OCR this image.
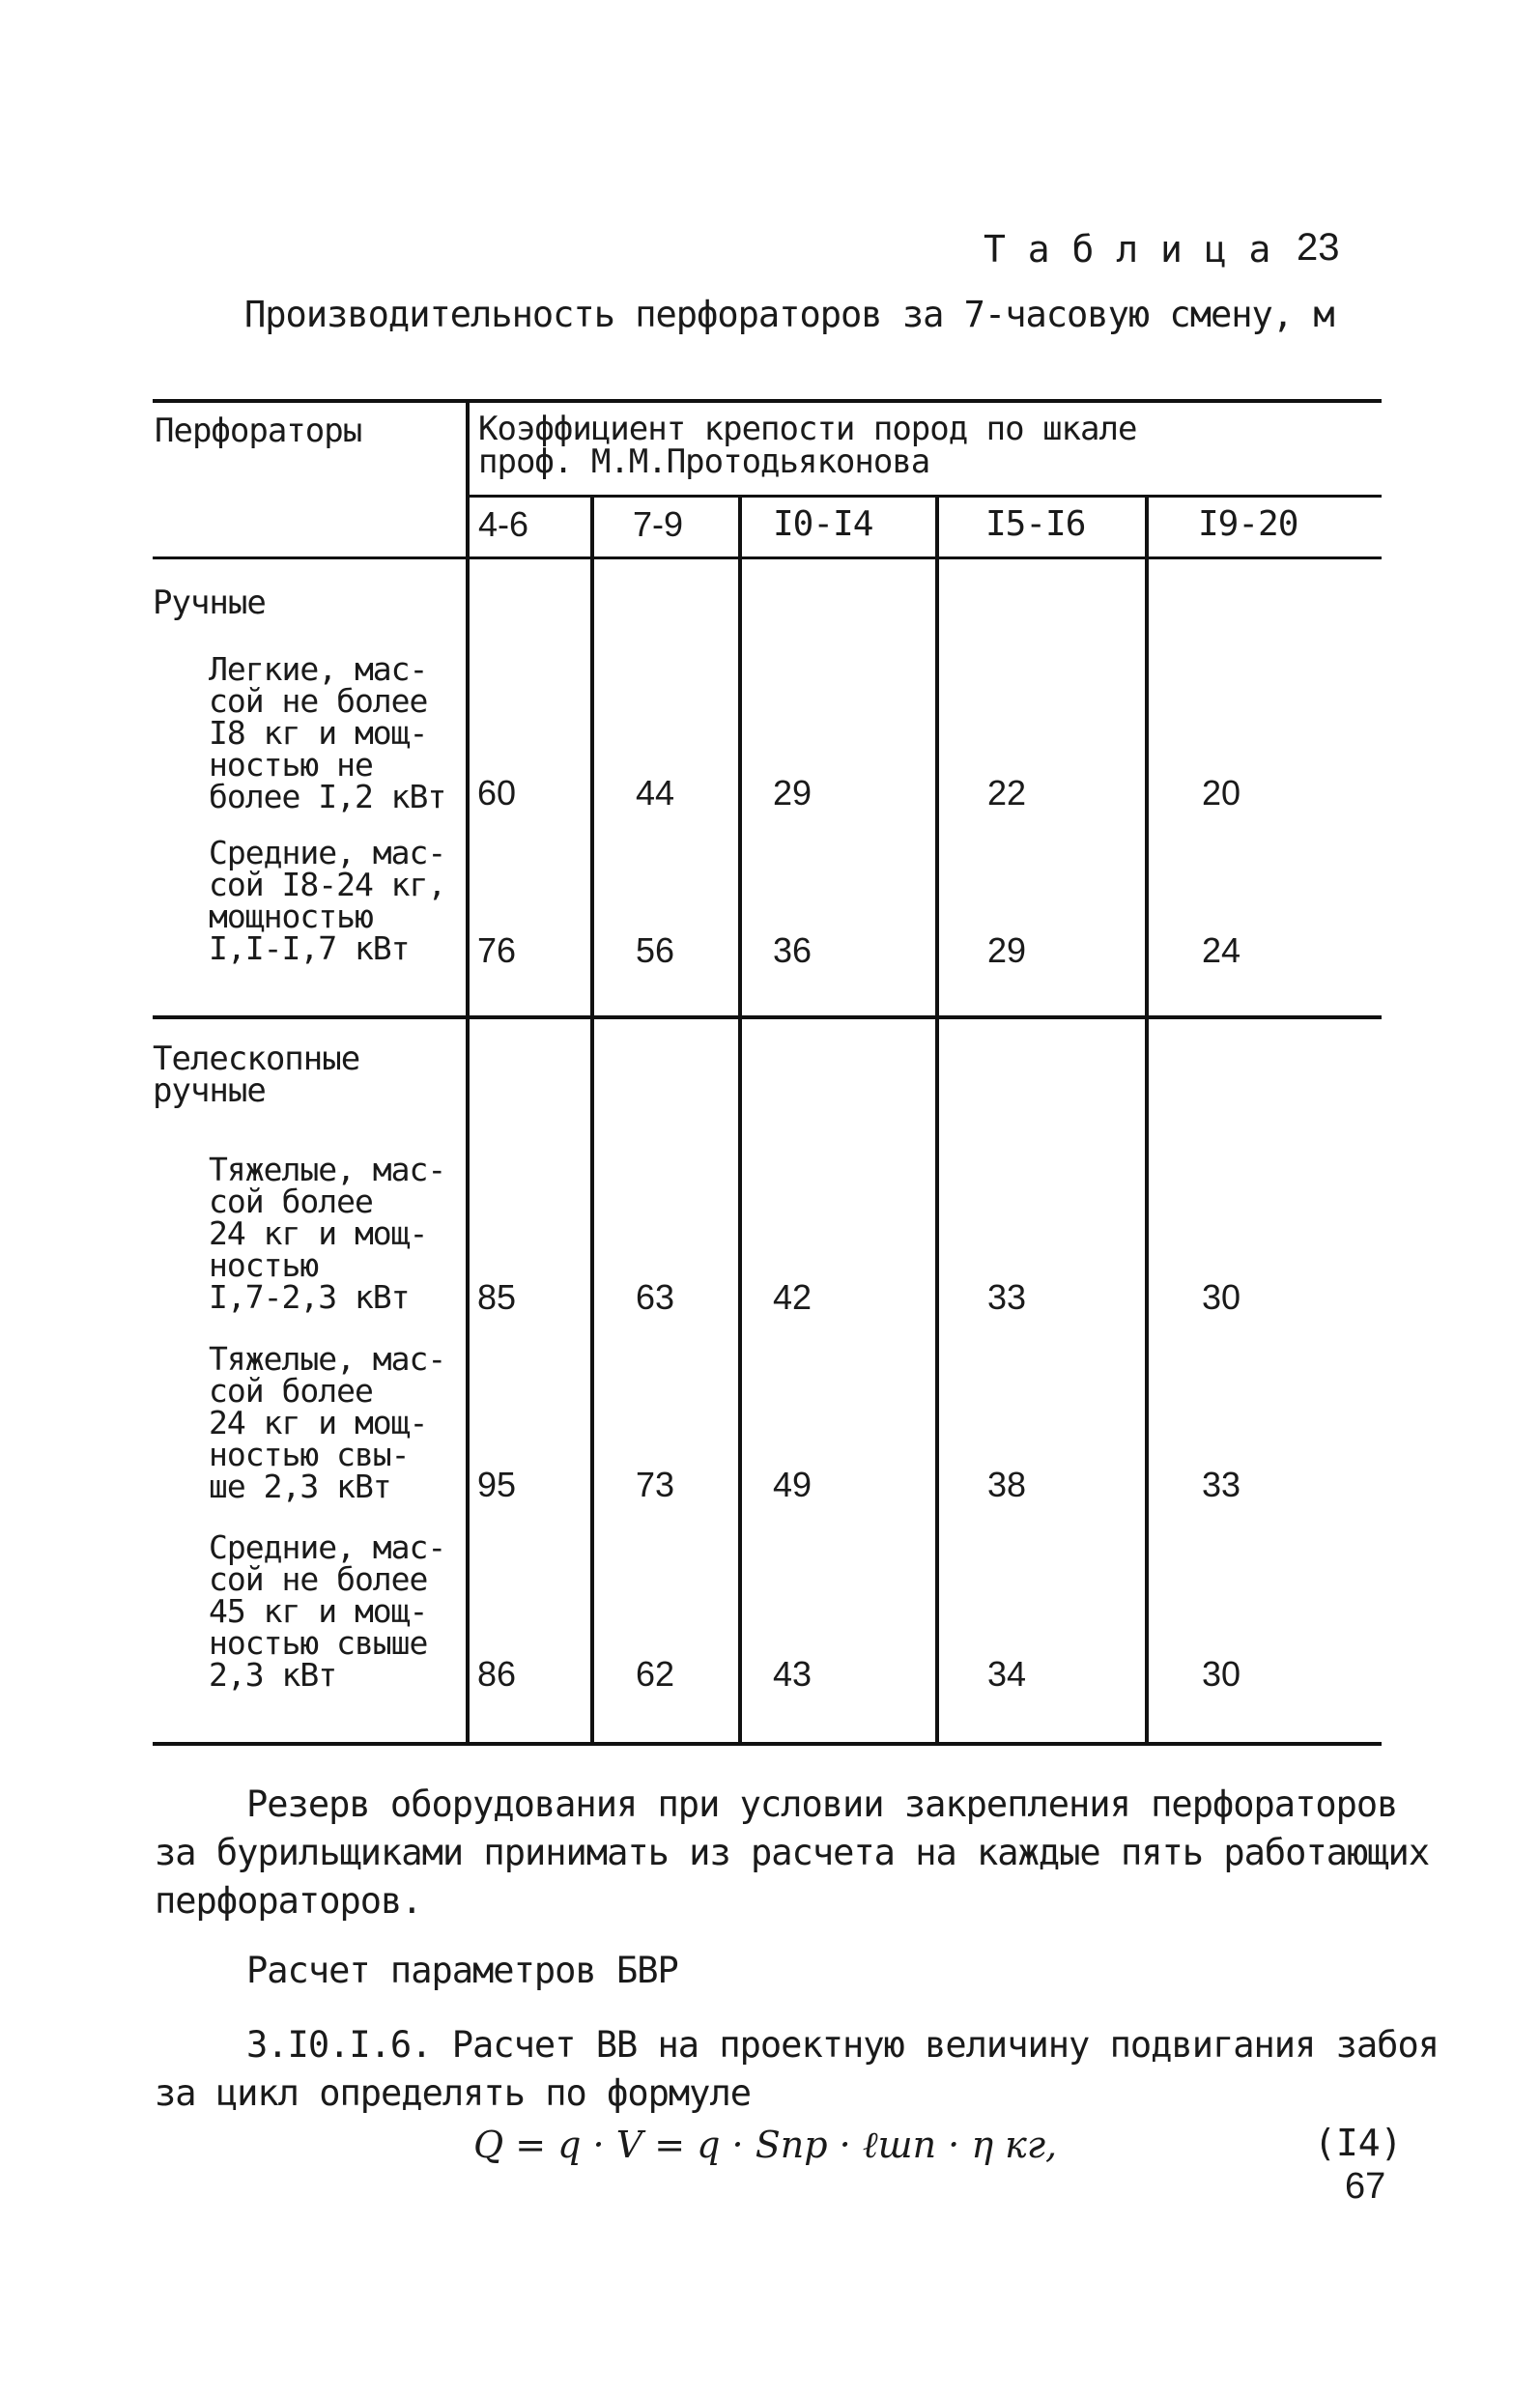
Т а б л и ц а 23
Производительность перфораторов за 7-часовую смену, м
Перфораторы	Коэффициент крепости пород по шкале
проф. М.М.Протодьяконова
4-6	7-9	I0-I4	I5-I6	I9-20
Ручные
Легкие, мас-
сой не более
I8 кг и мощ-
ностью не
более I,2 кВт 60	44	29	22	20
Средние, мас-
сой I8-24 кг,
мощностью
I,I-I,7 кВт	76	56	36	29	24
Телескопные
ручные
Тяжелые, мас-
сой более
24 кг и мощ-
ностью
I,7-2,3 кВт	85	63	42	33	30
Тяжелые, мас-
сой более
24 кг и мощ-
ностью свы-
ше 2,3 кВт	95	73	49	38	33
Средние, мас-
сой не более
45 кг и мощ-
ностью свыше
2,3 кВт	86	62	43	34	30
Резерв оборудования при условии закрепления перфораторов
за бурильщиками принимать из расчета на каждые пять работающих
перфораторов.
Расчет параметров БВР
3.I0.I.6. Расчет ВВ на проектную величину подвигания забоя
за цикл определять по формуле
Q = q · V = q · Sпр · ℓшп · η кг,	(I4)
67
